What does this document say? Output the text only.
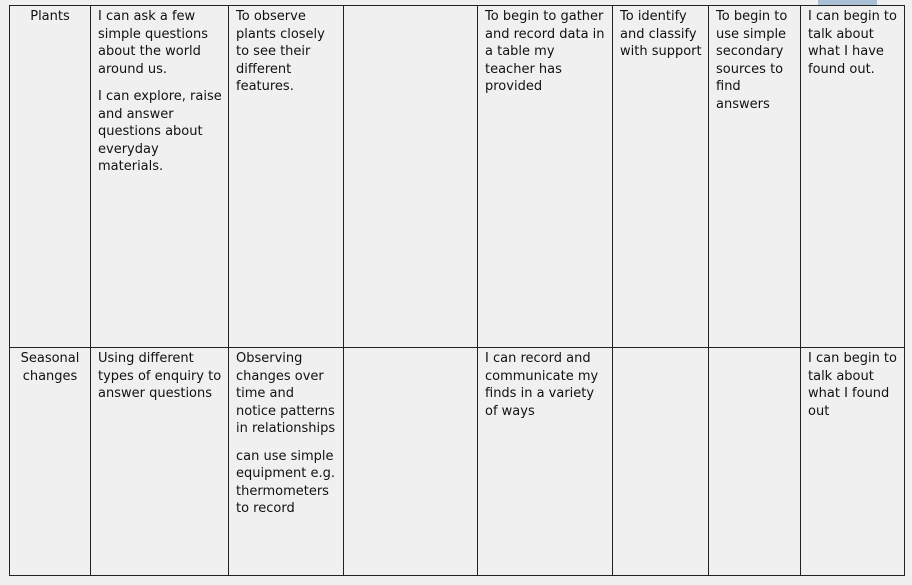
Plants	I can ask a few simple questions about the world around us.
I can explore, raise and answer questions about everyday materials.	To observe plants closely to see their different features.		To begin to gather and record data in a table my teacher has provided	To identify and classify with support	To begin to use simple secondary sources to find answers	I can begin to talk about what I have found out.

Seasonal changes	Using different types of enquiry to answer questions	Observing changes over time and notice patterns in relationships
can use simple equipment e.g. thermometers to record		I can record and communicate my finds in a variety of ways			I can begin to talk about what I found out
